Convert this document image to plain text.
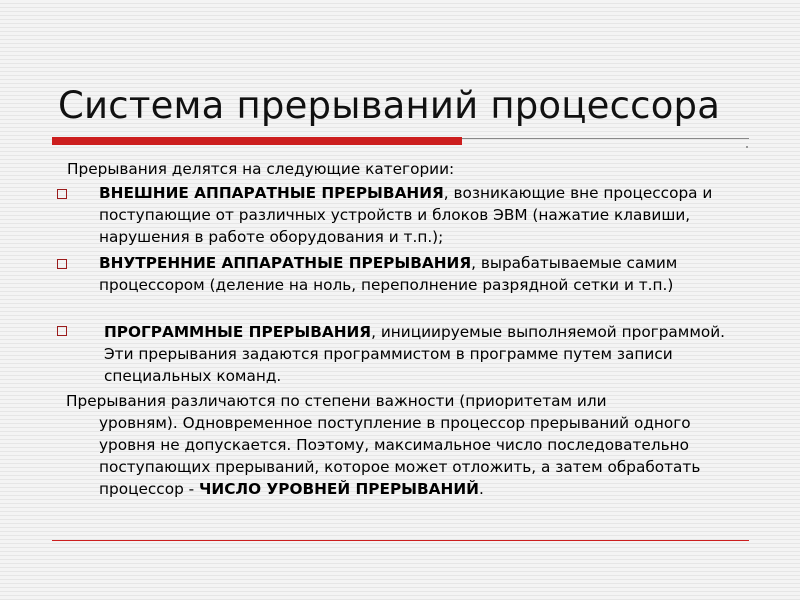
Система прерываний процессора
Прерывания делятся на следующие категории:
ВНЕШНИЕ АППАРАТНЫЕ ПРЕРЫВАНИЯ, возникающие вне процессора и поступающие от различных устройств и блоков ЭВМ (нажатие клавиши, нарушения в работе оборудования и т.п.);
ВНУТРЕННИЕ АППАРАТНЫЕ ПРЕРЫВАНИЯ, вырабатываемые самим процессором (деление на ноль, переполнение разрядной сетки и т.п.)
ПРОГРАММНЫЕ ПРЕРЫВАНИЯ, инициируемые выполняемой программой. Эти прерывания задаются программистом в программе путем записи специальных команд.
Прерывания различаются по степени важности (приоритетам или
уровням). Одновременное поступление в процессор прерываний одного уровня не допускается. Поэтому, максимальное число последовательно поступающих прерываний, которое может отложить, а затем обработать процессор - ЧИСЛО УРОВНЕЙ ПРЕРЫВАНИЙ.
